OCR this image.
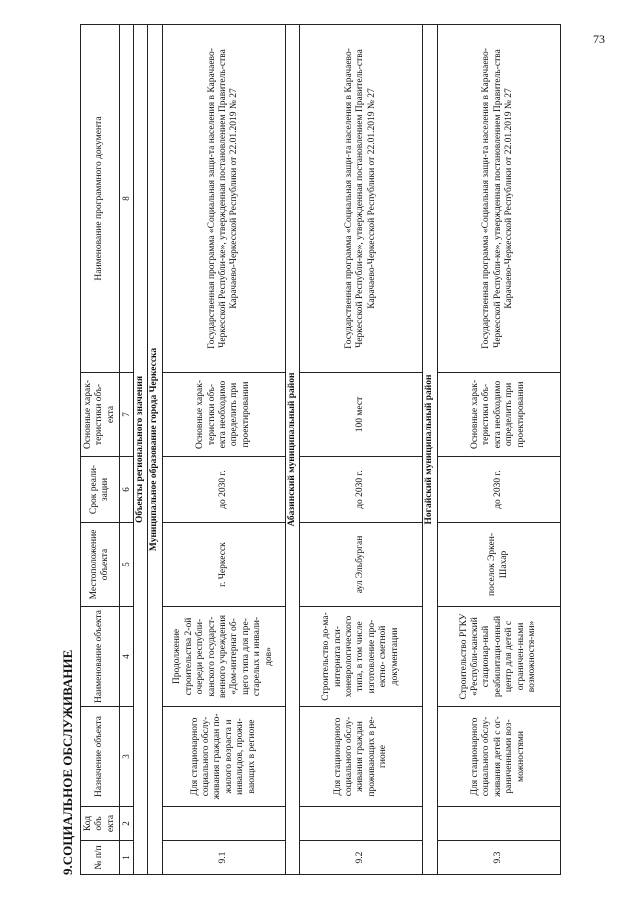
73
9.СОЦИАЛЬНОЕ ОБСЛУЖИВАНИЕ № п/п	Код объ екта	Назначение объекта	Наименование объекта	Местоположение объекта	Срок реали-зации	Основные харак-теристики объ-екта	Наименование программного документа
1	2	3	4	5	6	7	8
Объекты регионального значения							
Муниципальное образование города Черкесска							
9.1		Для стационарного социального обслу-живания граждан по-жилого возраста и инвалидов, прожи-вающих в регионе	Продолжение строительства 2-ой очереди республи-канского государст-венного учреждения «Дом-интернат об-щего типа для пре-старелых и инвали-дов»	г. Черкесск	до 2030 г.	Основные харак-теристики объ-екта необходимо определить при проектировании	Государственная программа «Социальная защи-та населения в Карачаево-Черкесской Республи-ке», утвержденная постановлением Правитель-ства Карачаево-Черкесской Республики от 22.01.2019 № 27
Абазинский муниципальный район							
9.2		Для стационарного социального обслу-живания граждан проживающих в ре-гионе	Строительство до-ма-интерната пси-хоневрологического типа, в том числе изготовление про-ектно- сметной документации	аул Эльбурган	до 2030 г.	100 мест	Государственная программа «Социальная защи-та населения в Карачаево-Черкесской Республи-ке», утвержденная постановлением Правитель-ства Карачаево-Черкесской Республики от 22.01.2019 № 27
Ногайский муниципальный район							
9.3		Для стационарного социального обслу-живания детей с ог-раниченными воз-можностями	Строительство РГКУ «Республи-канский стационар-ный реабилитаци-онный центр для детей с ограничен-ными возможностя-ми»	поселок Эркен-Шахар	до 2030 г.	Основные харак-теристики объ-екта необходимо определить при проектировании	Государственная программа «Социальная защи-та населения в Карачаево-Черкесской Республи-ке», утвержденная постановлением Правитель-ства Карачаево-Черкесской Республики от 22.01.2019 № 27
